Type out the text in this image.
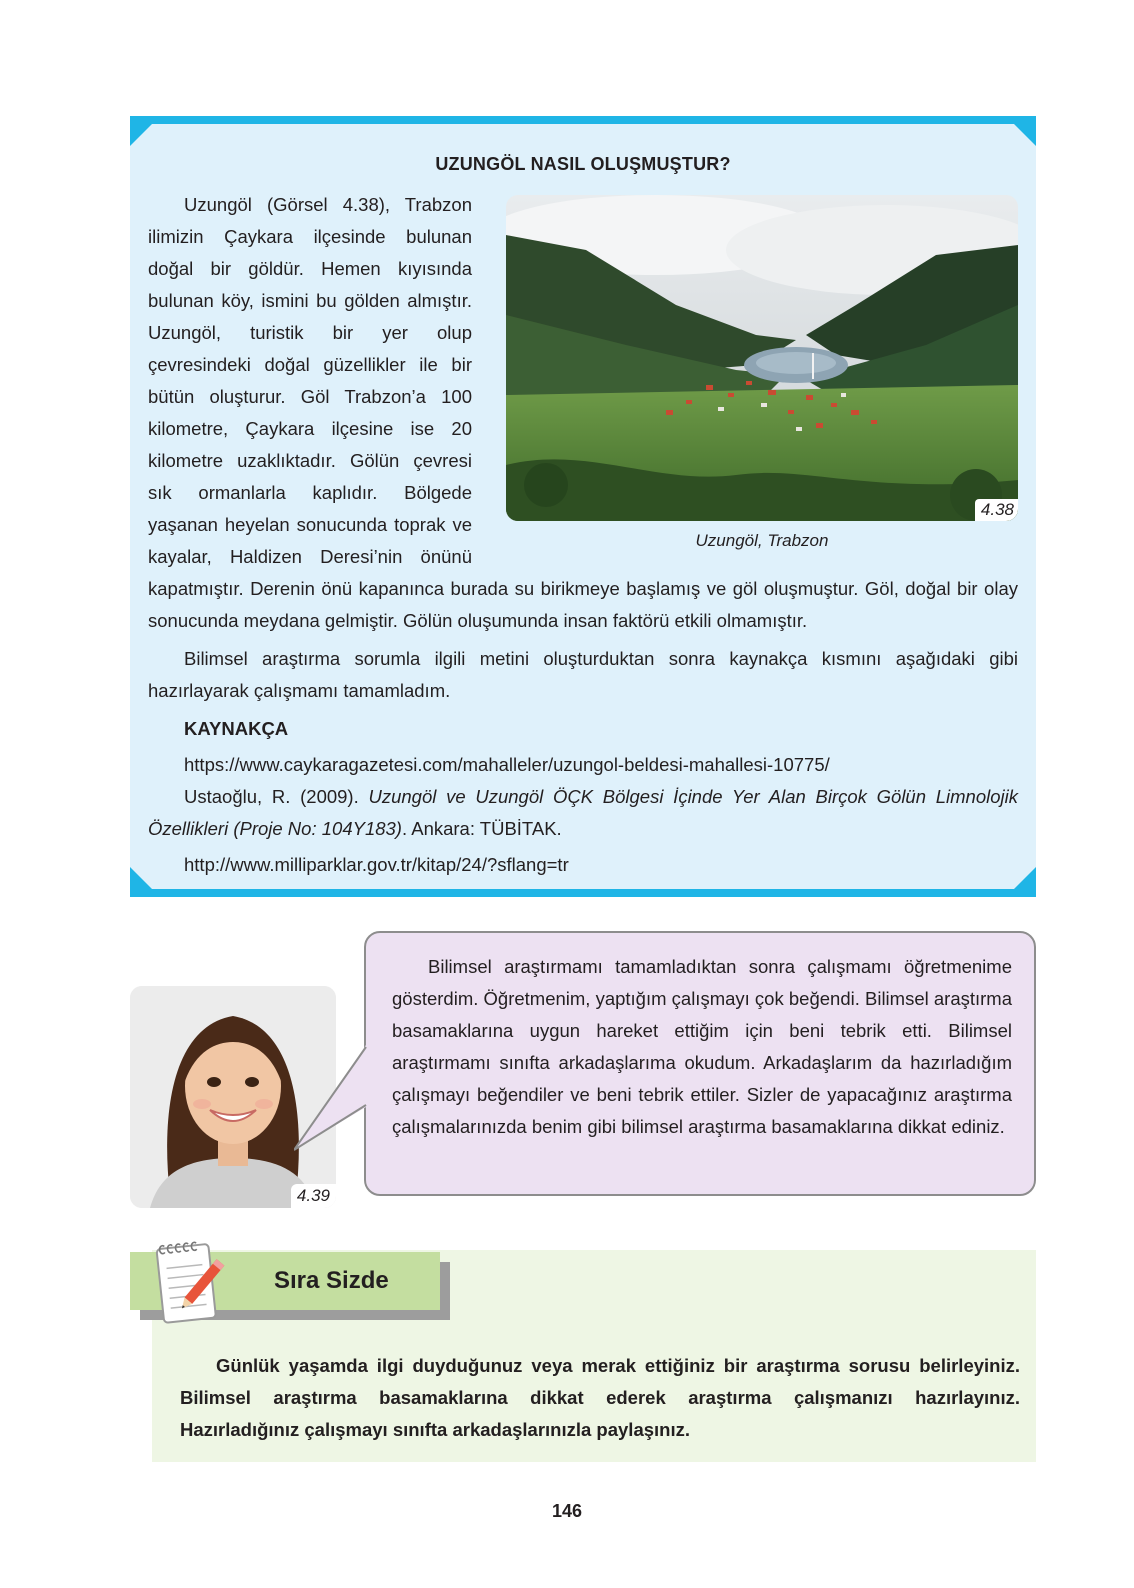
UZUNGÖL NASIL OLUŞMUŞTUR?
4.38
Uzungöl, Trabzon

Uzungöl (Görsel 4.38), Trabzon ilimizin Çaykara ilçesinde bulunan doğal bir göldür. Hemen kıyısında bulunan köy, ismini bu gölden almıştır. Uzungöl, turistik bir yer olup çevresindeki doğal güzellikler ile bir bütün oluşturur. Göl Trabzon’a 100 kilometre, Çaykara ilçesine ise 20 kilometre uzaklıktadır. Gölün çevresi sık ormanlarla kaplıdır. Bölgede yaşanan heyelan sonucunda toprak ve kayalar, Haldizen Deresi’nin önünü kapatmıştır. Derenin önü kapanınca burada su birikmeye başlamış ve göl oluşmuştur. Göl, doğal bir olay sonucunda meydana gelmiştir. Gölün oluşumunda insan faktörü etkili olmamıştır.

Bilimsel araştırma sorumla ilgili metini oluşturduktan sonra kaynakça kısmını aşağıdaki gibi hazırlayarak çalışmamı tamamladım.

KAYNAKÇA

https://www.caykaragazetesi.com/mahalleler/uzungol-beldesi-mahallesi-10775/

Ustaoğlu, R. (2009). Uzungöl ve Uzungöl ÖÇK Bölgesi İçinde Yer Alan Birçok Gölün Limnolojik Özellikleri (Proje No: 104Y183). Ankara: TÜBİTAK.

http://www.milliparklar.gov.tr/kitap/24/?sflang=tr

4.39

Bilimsel araştırmamı tamamladıktan sonra çalışmamı öğretmenime gösterdim. Öğretmenim, yaptığım çalışmayı çok beğendi. Bilimsel araştırma basamaklarına uygun hareket ettiğim için beni tebrik etti. Bilimsel araştırmamı sınıfta arkadaşlarıma okudum. Arkadaşlarım da hazırladığım çalışmayı beğendiler ve beni tebrik ettiler. Sizler de yapacağınız araştırma çalışmalarınızda benim gibi bilimsel araştırma basamaklarına dikkat ediniz.

Sıra Sizde

Günlük yaşamda ilgi duyduğunuz veya merak ettiğiniz bir araştırma sorusu belirleyiniz. Bilimsel araştırma basamaklarına dikkat ederek araştırma çalışmanızı hazırlayınız. Hazırladığınız çalışmayı sınıfta arkadaşlarınızla paylaşınız.

146
